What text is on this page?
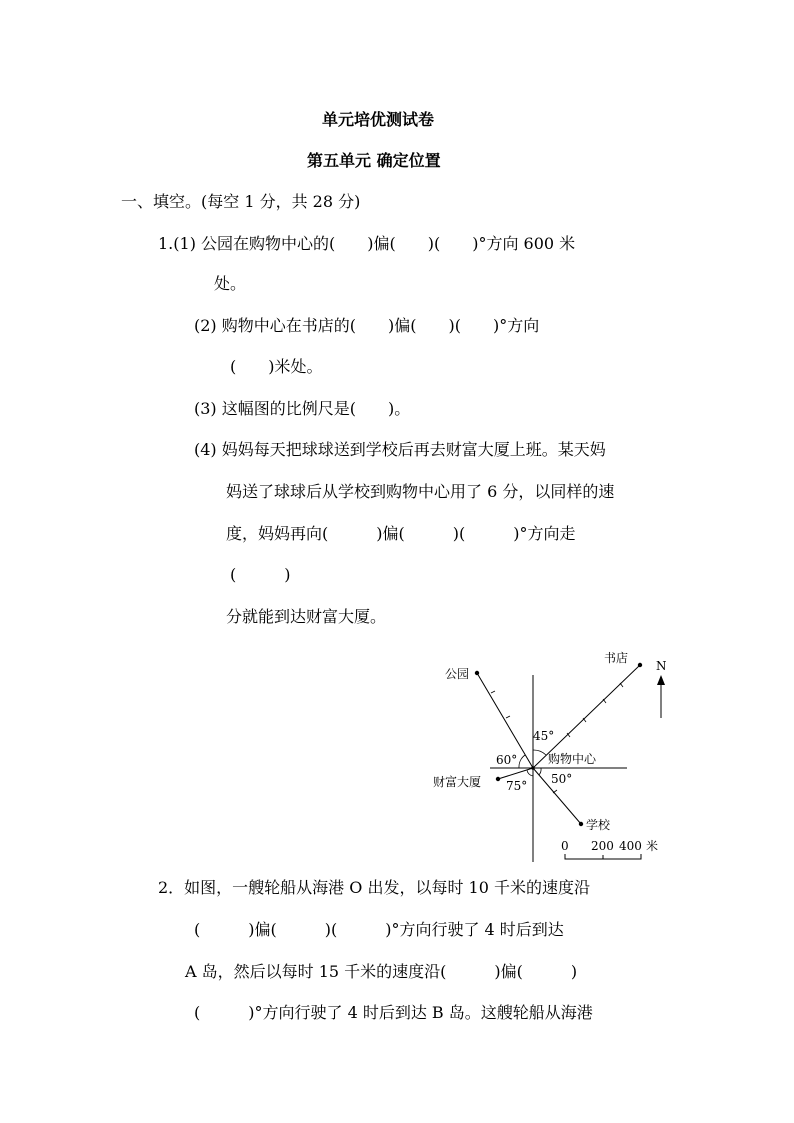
单元培优测试卷
第五单元 确定位置
一、填空。(每空 1 分，共 28 分)
1.(1) 公园在购物中心的(　　)偏(　　)(　　)°方向 600 米
处。
(2) 购物中心在书店的(　　)偏(　　)(　　)°方向
(　　)米处。
(3) 这幅图的比例尺是(　　)。
(4) 妈妈每天把球球送到学校后再去财富大厦上班。某天妈
妈送了球球后从学校到购物中心用了 6 分，以同样的速
度，妈妈再向(　　　)偏(　　　)(　　　)°方向走
(　　　)
分就能到达财富大厦。
公园
书店
购物中心
财富大厦
学校
45°
60°
50°
75°
N
0 200 400 米
2．如图，一艘轮船从海港 O 出发，以每时 10 千米的速度沿
(　　　)偏(　　　)(　　　)°方向行驶了 4 时后到达
A 岛，然后以每时 15 千米的速度沿(　　　)偏(　　　)
(　　　)°方向行驶了 4 时后到达 B 岛。这艘轮船从海港
